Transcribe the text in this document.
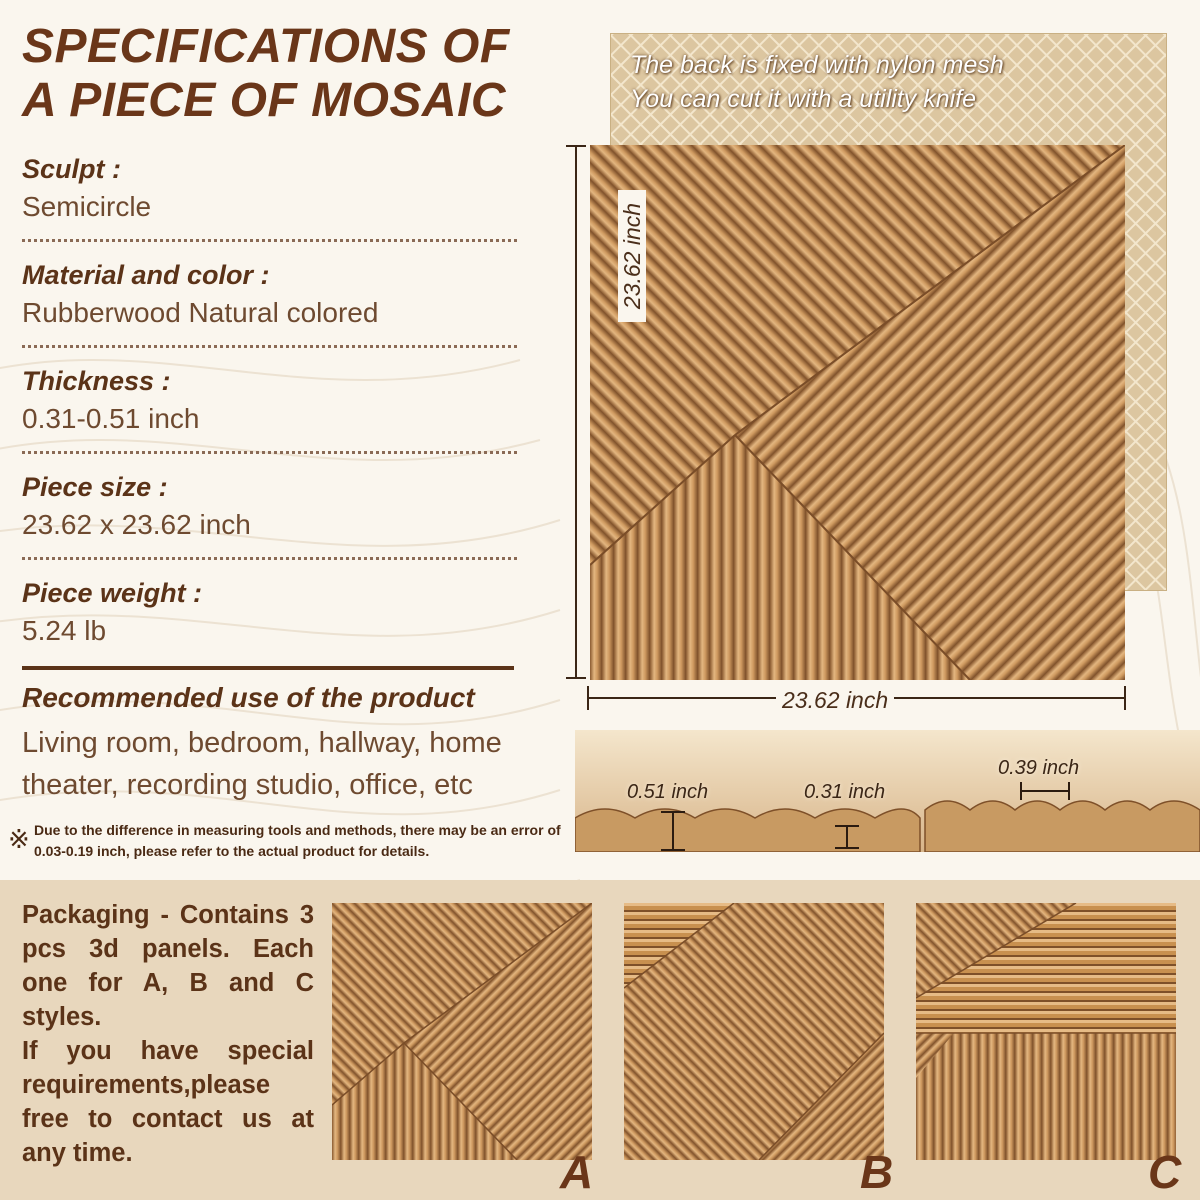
SPECIFICATIONS OF
A PIECE OF MOSAIC
Sculpt :
Semicircle
Material and color :
Rubberwood Natural colored
Thickness :
0.31-0.51 inch
Piece size :
23.62 x 23.62 inch
Piece weight :
5.24 lb
Recommended use of the product
Living room, bedroom, hallway, home theater, recording studio, office, etc
※ Due to the difference in measuring tools and methods, there may be an error of 0.03-0.19 inch, please refer to the actual product for details.
The back is fixed with nylon mesh
You can cut it with a utility knife
23.62 inch
23.62 inch
0.51 inch	0.31 inch
0.39 inch

Packaging - Contains 3 pcs 3d panels. Each one for A, B and C styles.

If you have special requirements,please free to contact us at any time.	A	B	C
